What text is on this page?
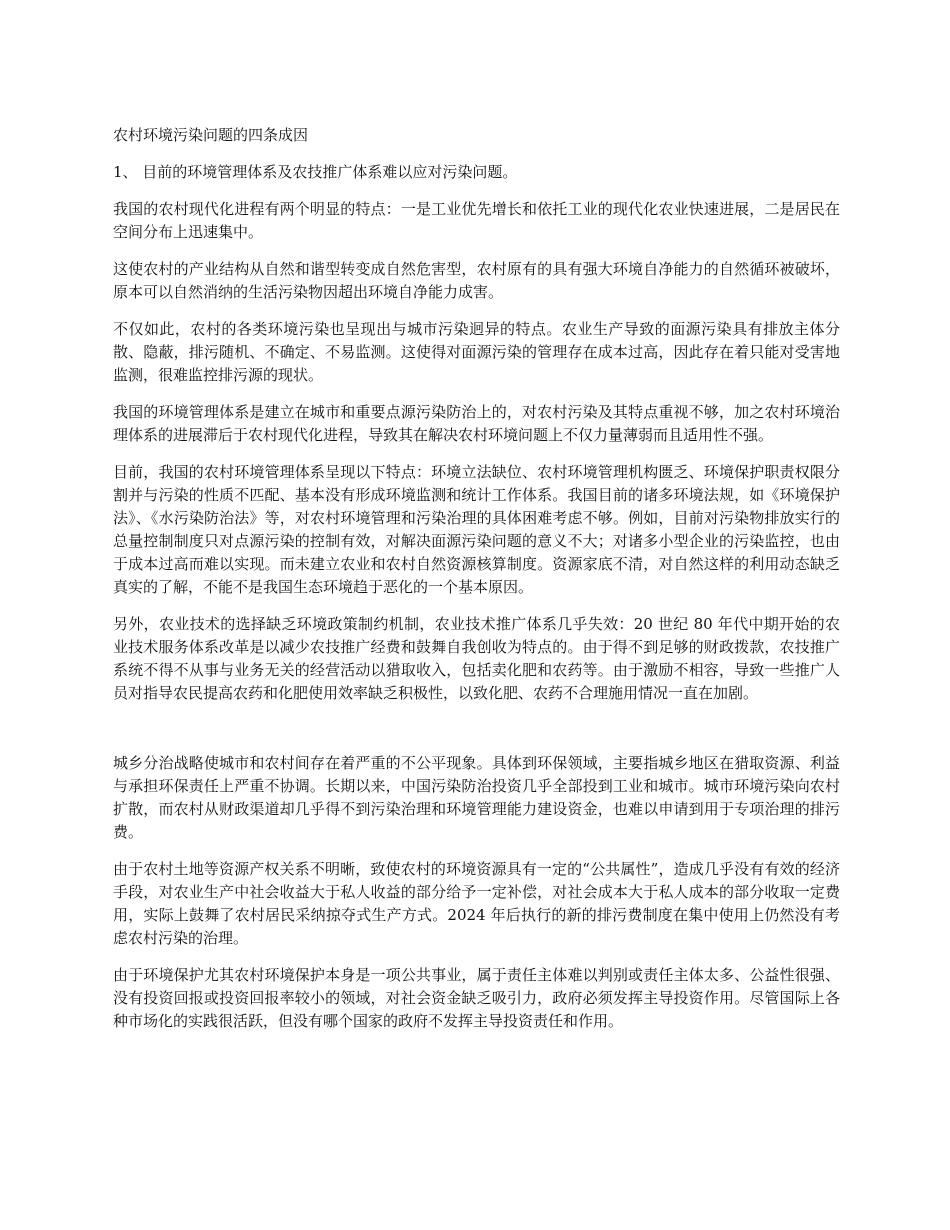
农村环境污染问题的四条成因

1、 目前的环境管理体系及农技推广体系难以应对污染问题。

我国的农村现代化进程有两个明显的特点：一是工业优先增长和依托工业的现代化农业快速进展，二是居民在空间分布上迅速集中。

这使农村的产业结构从自然和谐型转变成自然危害型，农村原有的具有强大环境自净能力的自然循环被破坏，原本可以自然消纳的生活污染物因超出环境自净能力成害。

不仅如此，农村的各类环境污染也呈现出与城市污染迥异的特点。农业生产导致的面源污染具有排放主体分散、隐蔽，排污随机、不确定、不易监测。这使得对面源污染的管理存在成本过高，因此存在着只能对受害地监测，很难监控排污源的现状。

我国的环境管理体系是建立在城市和重要点源污染防治上的，对农村污染及其特点重视不够，加之农村环境治理体系的进展滞后于农村现代化进程，导致其在解决农村环境问题上不仅力量薄弱而且适用性不强。

目前，我国的农村环境管理体系呈现以下特点：环境立法缺位、农村环境管理机构匮乏、环境保护职责权限分割并与污染的性质不匹配、基本没有形成环境监测和统计工作体系。我国目前的诸多环境法规，如《环境保护法》、《水污染防治法》等，对农村环境管理和污染治理的具体困难考虑不够。例如，目前对污染物排放实行的总量控制制度只对点源污染的控制有效，对解决面源污染问题的意义不大；对诸多小型企业的污染监控，也由于成本过高而难以实现。而未建立农业和农村自然资源核算制度。资源家底不清，对自然这样的利用动态缺乏真实的了解，不能不是我国生态环境趋于恶化的一个基本原因。

另外，农业技术的选择缺乏环境政策制约机制，农业技术推广体系几乎失效：20 世纪 80 年代中期开始的农业技术服务体系改革是以减少农技推广经费和鼓舞自我创收为特点的。由于得不到足够的财政拨款，农技推广系统不得不从事与业务无关的经营活动以猎取收入，包括卖化肥和农药等。由于激励不相容，导致一些推广人员对指导农民提高农药和化肥使用效率缺乏积极性，以致化肥、农药不合理施用情况一直在加剧。

城乡分治战略使城市和农村间存在着严重的不公平现象。具体到环保领域，主要指城乡地区在猎取资源、利益与承担环保责任上严重不协调。长期以来，中国污染防治投资几乎全部投到工业和城市。城市环境污染向农村扩散，而农村从财政渠道却几乎得不到污染治理和环境管理能力建设资金，也难以申请到用于专项治理的排污费。

由于农村土地等资源产权关系不明晰，致使农村的环境资源具有一定的“公共属性”，造成几乎没有有效的经济手段，对农业生产中社会收益大于私人收益的部分给予一定补偿，对社会成本大于私人成本的部分收取一定费用，实际上鼓舞了农村居民采纳掠夺式生产方式。2024 年后执行的新的排污费制度在集中使用上仍然没有考虑农村污染的治理。

由于环境保护尤其农村环境保护本身是一项公共事业，属于责任主体难以判别或责任主体太多、公益性很强、没有投资回报或投资回报率较小的领域，对社会资金缺乏吸引力，政府必须发挥主导投资作用。尽管国际上各种市场化的实践很活跃，但没有哪个国家的政府不发挥主导投资责任和作用。
